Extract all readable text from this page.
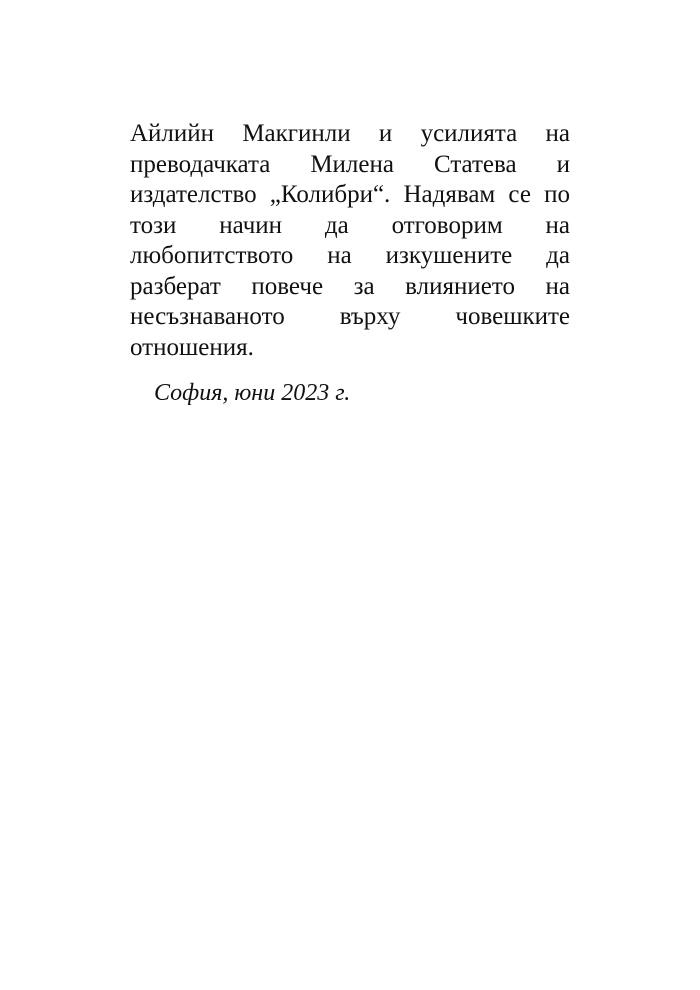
Айлийн Макгинли и усилията на
преводачката Милена Статева и
издателство „Колибри“. Надявам се по
този начин да отговорим на
любопитството на изкушените да
разберат повече за влиянието на
несъзнаваното върху човешките
отношения.
София, юни 2023 г.
